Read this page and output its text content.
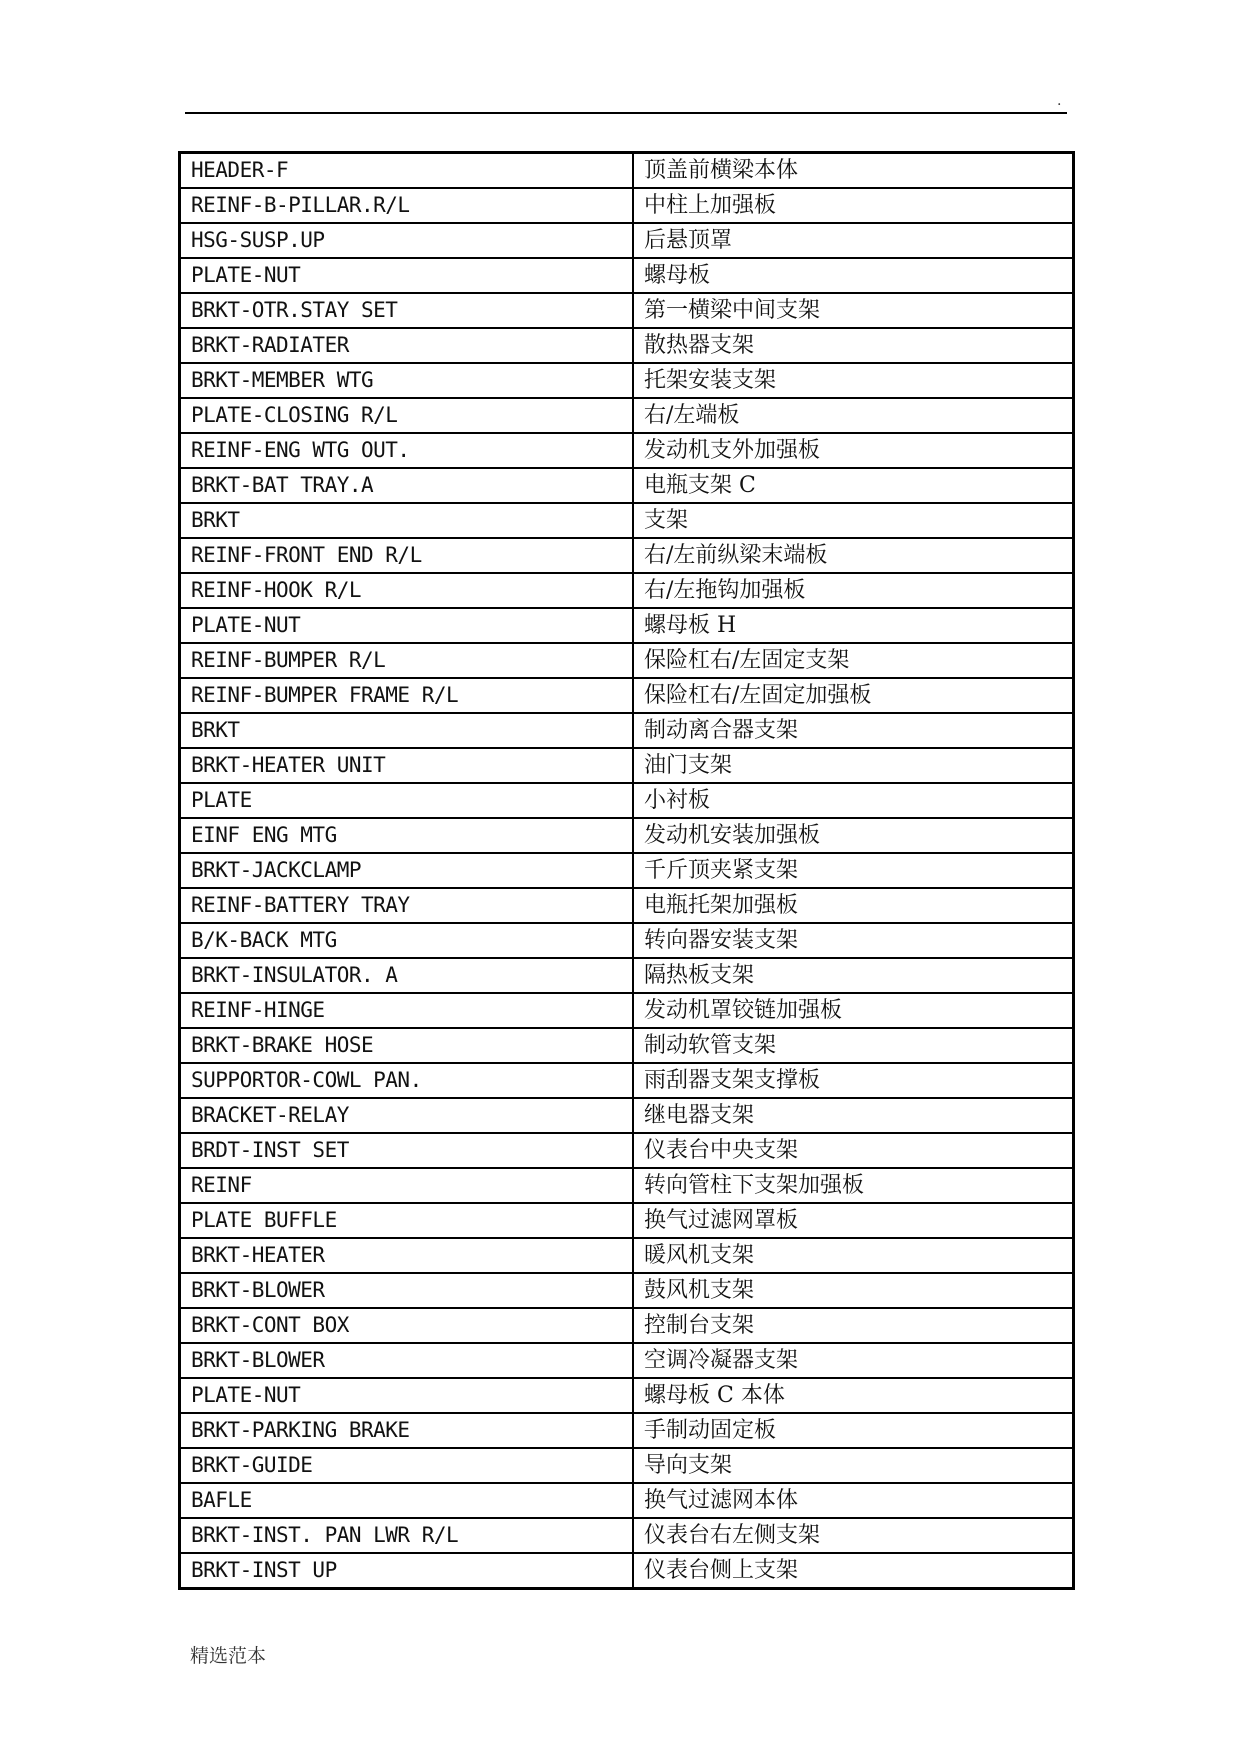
.
HEADER-F	顶盖前横梁本体
REINF-B-PILLAR.R/L	中柱上加强板
HSG-SUSP.UP	后悬顶罩
PLATE-NUT	螺母板
BRKT-OTR.STAY SET	第一横梁中间支架
BRKT-RADIATER	散热器支架
BRKT-MEMBER WTG	托架安装支架
PLATE-CLOSING R/L	右/左端板
REINF-ENG WTG OUT.	发动机支外加强板
BRKT-BAT TRAY.A	电瓶支架 C
BRKT	支架
REINF-FRONT END R/L	右/左前纵梁末端板
REINF-HOOK R/L	右/左拖钩加强板
PLATE-NUT	螺母板 H
REINF-BUMPER R/L	保险杠右/左固定支架
REINF-BUMPER FRAME R/L	保险杠右/左固定加强板
BRKT	制动离合器支架
BRKT-HEATER UNIT	油门支架
PLATE	小衬板
EINF ENG MTG	发动机安装加强板
BRKT-JACKCLAMP	千斤顶夹紧支架
REINF-BATTERY TRAY	电瓶托架加强板
B/K-BACK MTG	转向器安装支架
BRKT-INSULATOR. A	隔热板支架
REINF-HINGE	发动机罩铰链加强板
BRKT-BRAKE HOSE	制动软管支架
SUPPORTOR-COWL PAN.	雨刮器支架支撑板
BRACKET-RELAY	继电器支架
BRDT-INST SET	仪表台中央支架
REINF	转向管柱下支架加强板
PLATE BUFFLE	换气过滤网罩板
BRKT-HEATER	暖风机支架
BRKT-BLOWER	鼓风机支架
BRKT-CONT BOX	控制台支架
BRKT-BLOWER	空调冷凝器支架
PLATE-NUT	螺母板 C 本体
BRKT-PARKING BRAKE	手制动固定板
BRKT-GUIDE	导向支架
BAFLE	换气过滤网本体
BRKT-INST. PAN LWR R/L	仪表台右左侧支架
BRKT-INST UP	仪表台侧上支架
精选范本
